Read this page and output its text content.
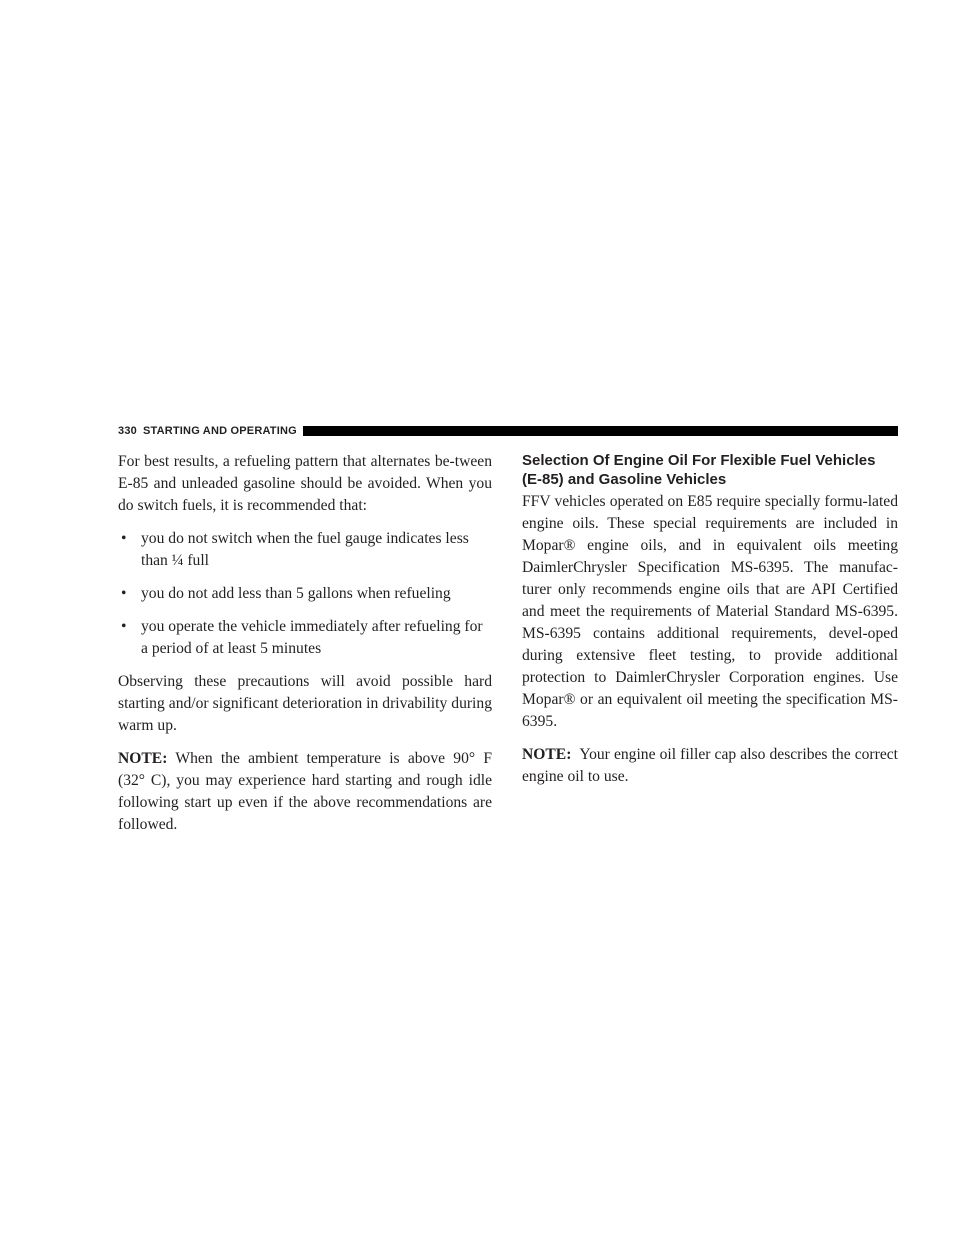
330 STARTING AND OPERATING

For best results, a refueling pattern that alternates be-tween E-85 and unleaded gasoline should be avoided. When you do switch fuels, it is recommended that:

• you do not switch when the fuel gauge indicates less than ¼ full
• you do not add less than 5 gallons when refueling
• you operate the vehicle immediately after refueling for a period of at least 5 minutes

Observing these precautions will avoid possible hard starting and/or significant deterioration in drivability during warm up.

NOTE: When the ambient temperature is above 90° F (32° C), you may experience hard starting and rough idle following start up even if the above recommendations are followed.

Selection Of Engine Oil For Flexible Fuel Vehicles (E-85) and Gasoline Vehicles

FFV vehicles operated on E85 require specially formu-lated engine oils. These special requirements are included in Mopar® engine oils, and in equivalent oils meeting DaimlerChrysler Specification MS-6395. The manufac-turer only recommends engine oils that are API Certified and meet the requirements of Material Standard MS-6395. MS-6395 contains additional requirements, devel-oped during extensive fleet testing, to provide additional protection to DaimlerChrysler Corporation engines. Use Mopar® or an equivalent oil meeting the specification MS-6395.

NOTE: Your engine oil filler cap also describes the correct engine oil to use.
